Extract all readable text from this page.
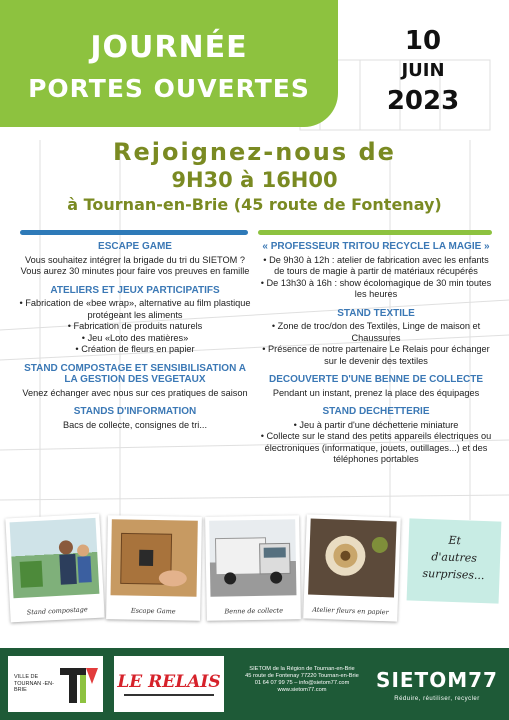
JOURNÉE
PORTES OUVERTES
10
JUIN
2023
Rejoignez-nous de
9H30 à 16H00
à Tournan-en-Brie (45 route de Fontenay)
ESCAPE GAME
Vous souhaitez intégrer la brigade du tri du SIETOM ? Vous aurez 30 minutes pour faire vos preuves en famille
ATELIERS ET JEUX PARTICIPATIFS
• Fabrication de «bee wrap», alternative au film plastique protégeant les aliments
• Fabrication de produits naturels
• Jeu «Loto des matières»
• Création de fleurs en papier
STAND COMPOSTAGE ET SENSIBILISATION A LA GESTION DES VEGETAUX
Venez échanger avec nous sur ces pratiques de saison
STANDS D'INFORMATION
Bacs de collecte, consignes de tri...
« PROFESSEUR TRITOU RECYCLE LA MAGIE »
• De 9h30 à 12h : atelier de fabrication avec les enfants de tours de magie à partir de matériaux récupérés
• De 13h30 à 16h : show écolomagique de 30 min toutes les heures
STAND TEXTILE
• Zone de troc/don des Textiles, Linge de maison et Chaussures
• Présence de notre partenaire Le Relais pour échanger sur le devenir des textiles
DECOUVERTE D'UNE BENNE DE COLLECTE
Pendant un instant, prenez la place des équipages
STAND DECHETTERIE
• Jeu à partir d'une déchetterie miniature
• Collecte sur le stand des petits appareils électriques ou électroniques (informatique, jouets, outillages...) et des téléphones portables
Stand compostage	Escape Game	Benne de collecte	Atelier fleurs en papier
Et
d'autres
surprises...
VILLE DE TOURNAN -EN-BRIE	LE RELAIS
SIETOM de la Région de Tournan-en-Brie
45 route de Fontenay 77220 Tournan-en-Brie
01 64 07 99 75 – info@sietom77.com
www.sietom77.com	SIETOM77
Réduire, réutiliser, recycler
